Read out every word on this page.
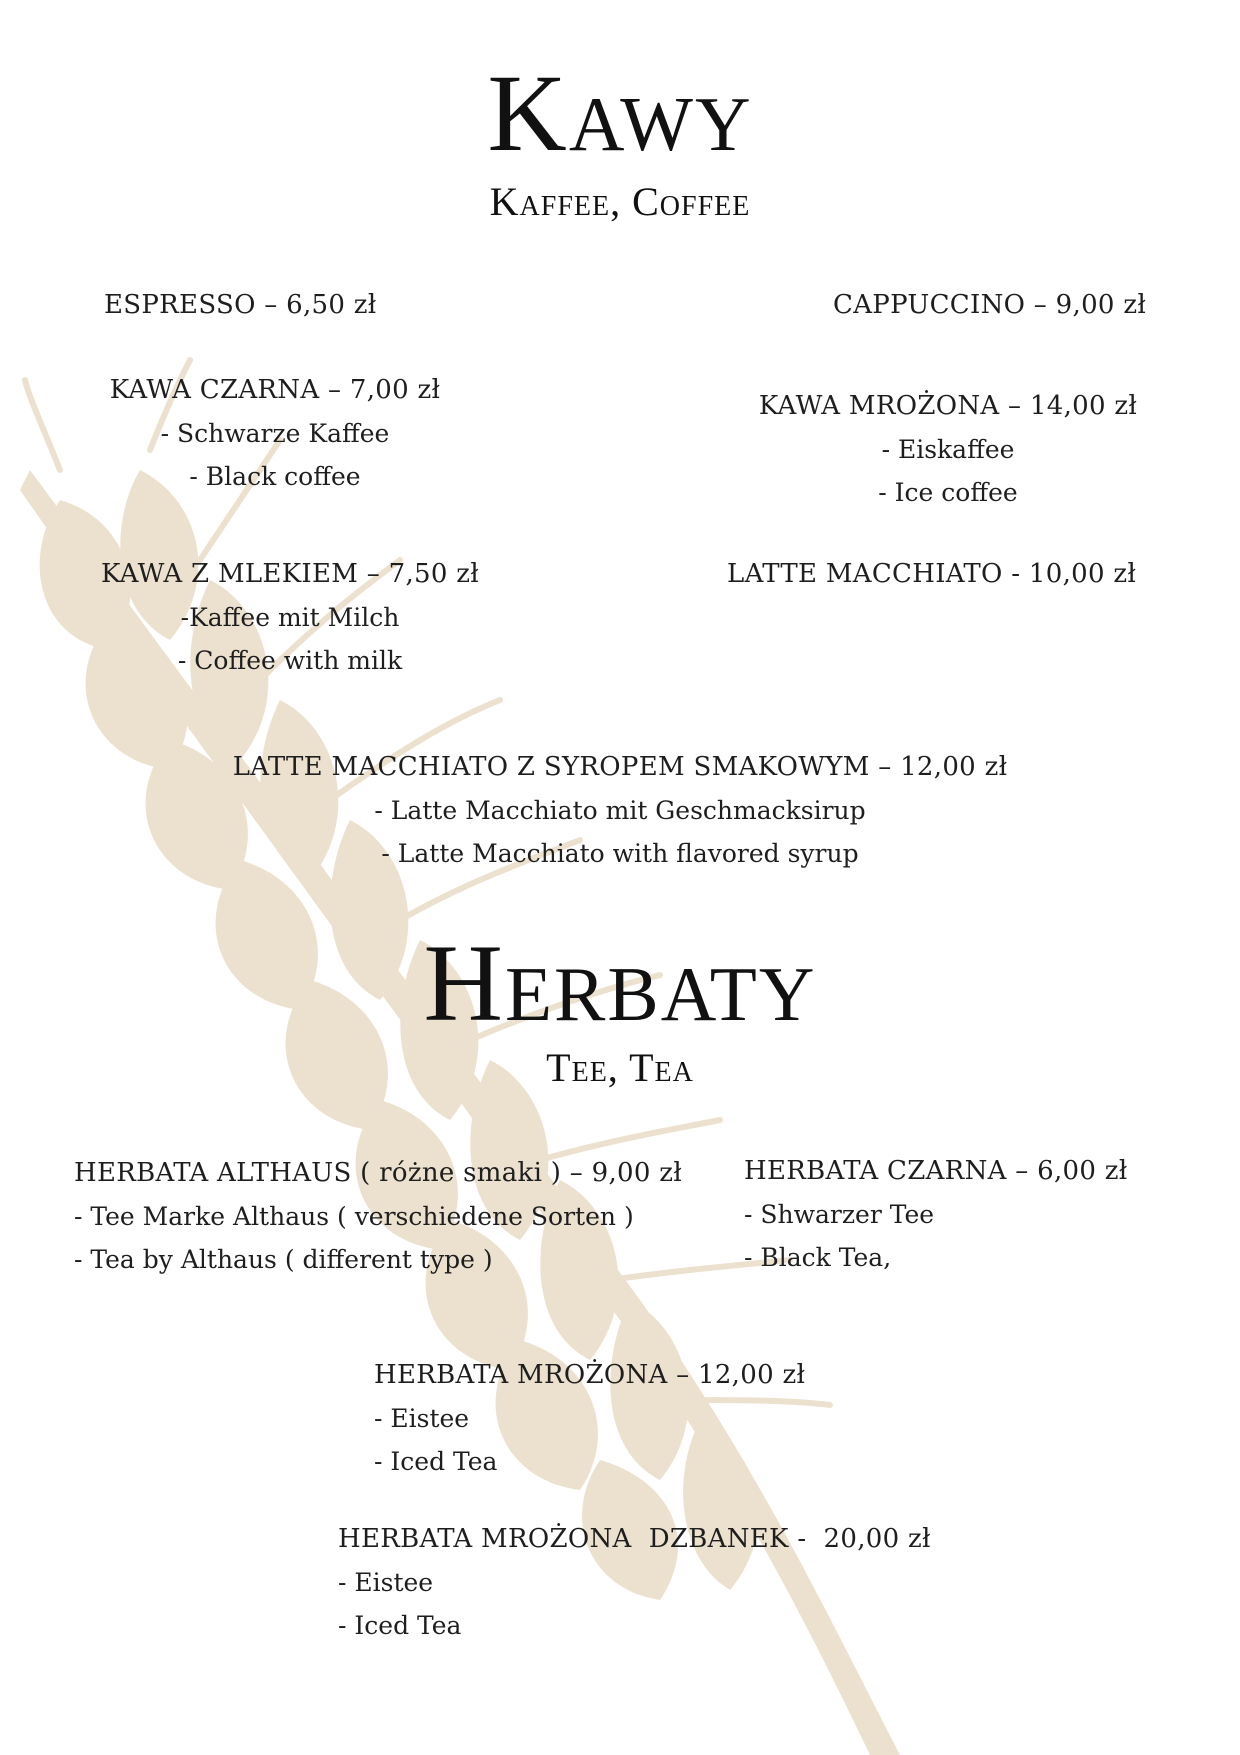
Kawy
Kaffee, Coffee
ESPRESSO – 6,50 zł	CAPPUCCINO – 9,00 zł
KAWA CZARNA – 7,00 zł
- Schwarze Kaffee
- Black coffee
KAWA MROŻONA – 14,00 zł
- Eiskaffee
- Ice coffee
KAWA Z MLEKIEM – 7,50 zł
-Kaffee mit Milch
- Coffee with milk
LATTE MACCHIATO - 10,00 zł
LATTE MACCHIATO Z SYROPEM SMAKOWYM – 12,00 zł
- Latte Macchiato mit Geschmacksirup
- Latte Macchiato with flavored syrup
Herbaty
Tee, Tea
HERBATA ALTHAUS ( różne smaki ) – 9,00 zł
- Tee Marke Althaus ( verschiedene Sorten )
- Tea by Althaus ( different type )
HERBATA CZARNA – 6,00 zł
- Shwarzer Tee
- Black Tea,
HERBATA MROŻONA – 12,00 zł
- Eistee
- Iced Tea
HERBATA MROŻONA  DZBANEK -  20,00 zł
- Eistee
- Iced Tea
